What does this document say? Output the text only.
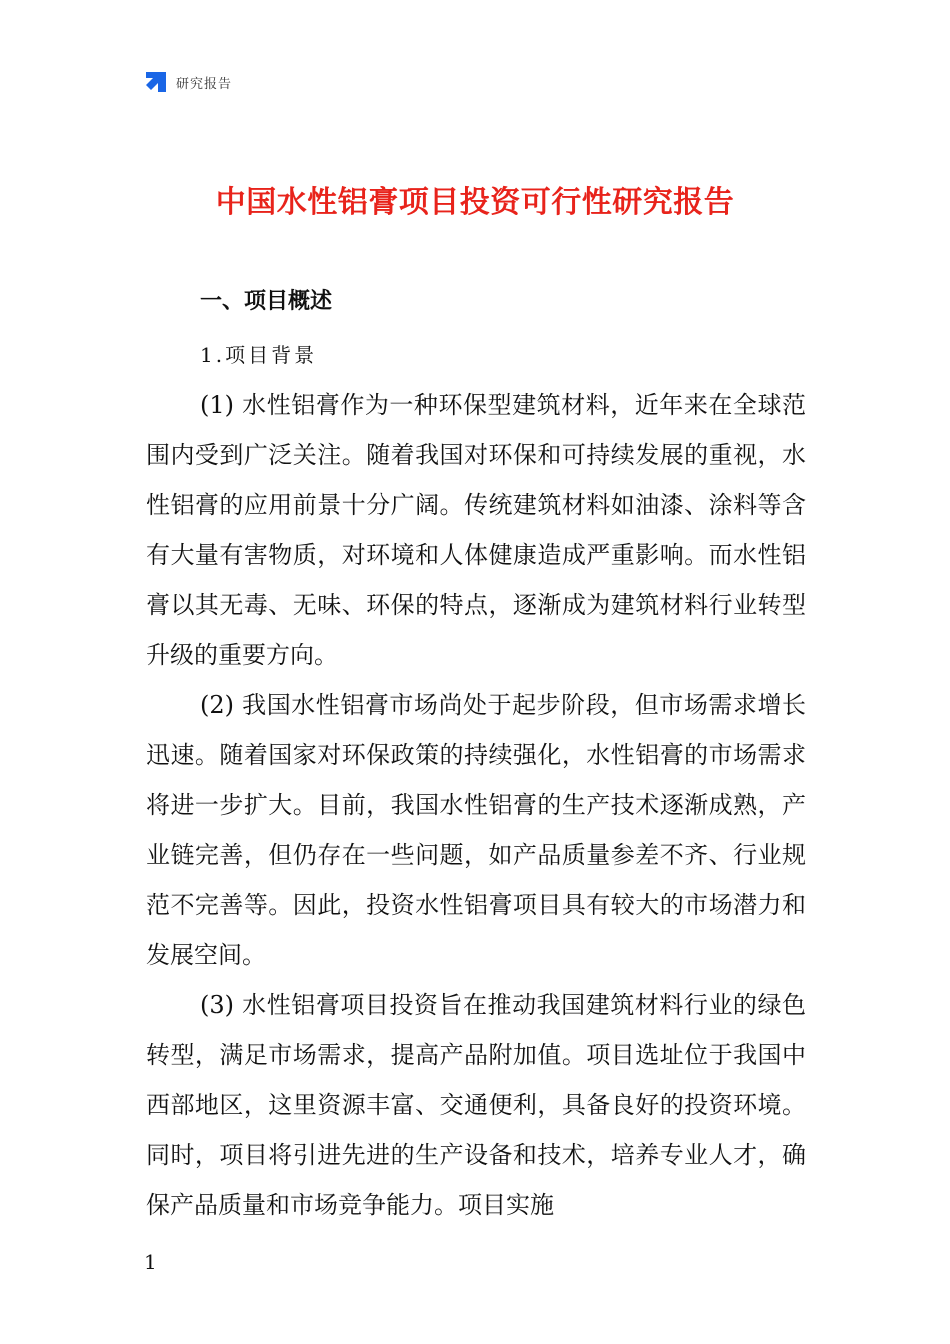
研究报告
中国水性铝膏项目投资可行性研究报告
一、项目概述
1.项目背景

(1) 水性铝膏作为一种环保型建筑材料，近年来在全球范围内受到广泛关注。随着我国对环保和可持续发展的重视，水性铝膏的应用前景十分广阔。传统建筑材料如油漆、涂料等含有大量有害物质，对环境和人体健康造成严重影响。而水性铝膏以其无毒、无味、环保的特点，逐渐成为建筑材料行业转型升级的重要方向。

(2) 我国水性铝膏市场尚处于起步阶段，但市场需求增长迅速。随着国家对环保政策的持续强化，水性铝膏的市场需求将进一步扩大。目前，我国水性铝膏的生产技术逐渐成熟，产业链完善，但仍存在一些问题，如产品质量参差不齐、行业规范不完善等。因此，投资水性铝膏项目具有较大的市场潜力和发展空间。

(3) 水性铝膏项目投资旨在推动我国建筑材料行业的绿色转型，满足市场需求，提高产品附加值。项目选址位于我国中西部地区，这里资源丰富、交通便利，具备良好的投资环境。同时，项目将引进先进的生产设备和技术，培养专业人才，确保产品质量和市场竞争能力。项目实施

1
